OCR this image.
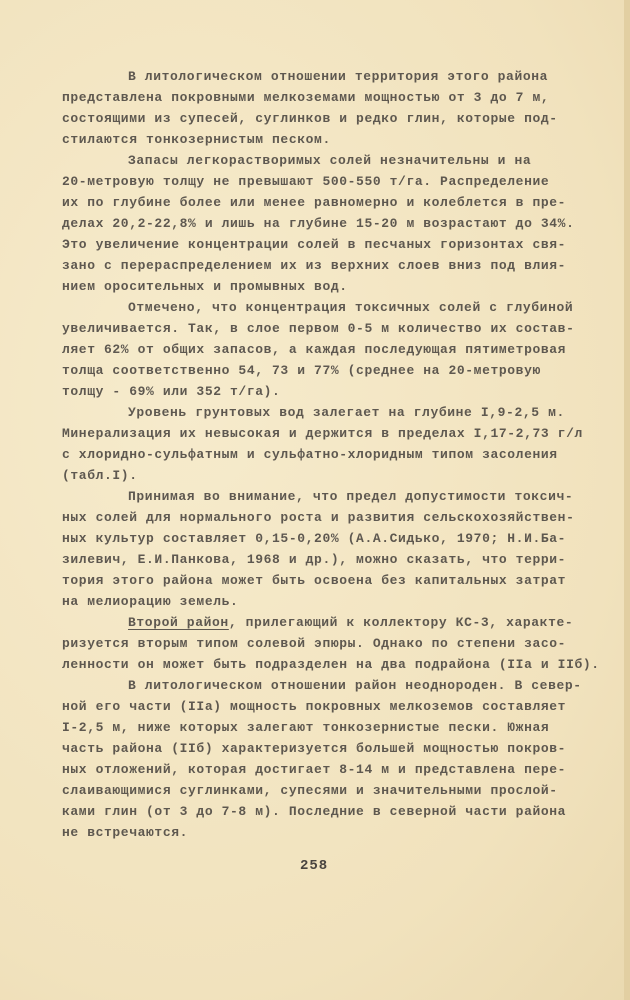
В литологическом отношении территория этого района
представлена покровными мелкоземами мощностью от 3 до 7 м,
состоящими из супесей, суглинков и редко глин, которые под-
стилаются тонкозернистым песком.
Запасы легкорастворимых солей незначительны и на
20-метровую толщу не превышают 500-550 т/га. Распределение
их по глубине более или менее равномерно и колеблется в пре-
делах 20,2-22,8% и лишь на глубине 15-20 м возрастают до 34%.
Это увеличение концентрации солей в песчаных горизонтах свя-
зано с перераспределением их из верхних слоев вниз под влия-
нием оросительных и промывных вод.
Отмечено, что концентрация токсичных солей с глубиной
увеличивается. Так, в слое первом 0-5 м количество их состав-
ляет 62% от общих запасов, а каждая последующая пятиметровая
толща соответственно 54, 73 и 77% (среднее на 20-метровую
толщу - 69% или 352 т/га).
Уровень грунтовых вод залегает на глубине I,9-2,5 м.
Минерализация их невысокая и держится в пределах I,17-2,73 г/л
с хлоридно-сульфатным и сульфатно-хлоридным типом засоления
(табл.I).
Принимая во внимание, что предел допустимости токсич-
ных солей для нормального роста и развития сельскохозяйствен-
ных культур составляет 0,15-0,20% (А.А.Сидько, 1970; Н.И.Ба-
зилевич, Е.И.Панкова, 1968 и др.), можно сказать, что терри-
тория этого района может быть освоена без капитальных затрат
на мелиорацию земель.
Второй район, прилегающий к коллектору КС-3, характе-
ризуется вторым типом солевой эпюры. Однако по степени засо-
ленности он может быть подразделен на два подрайона (IIа и IIб).
В литологическом отношении район неоднороден. В север-
ной его части (IIа) мощность покровных мелкоземов составляет
I-2,5 м, ниже которых залегают тонкозернистые пески. Южная
часть района (IIб) характеризуется большей мощностью покров-
ных отложений, которая достигает 8-14 м и представлена пере-
слаивающимися суглинками, супесями и значительными прослой-
ками глин (от 3 до 7-8 м). Последние в северной части района
не встречаются.
258
